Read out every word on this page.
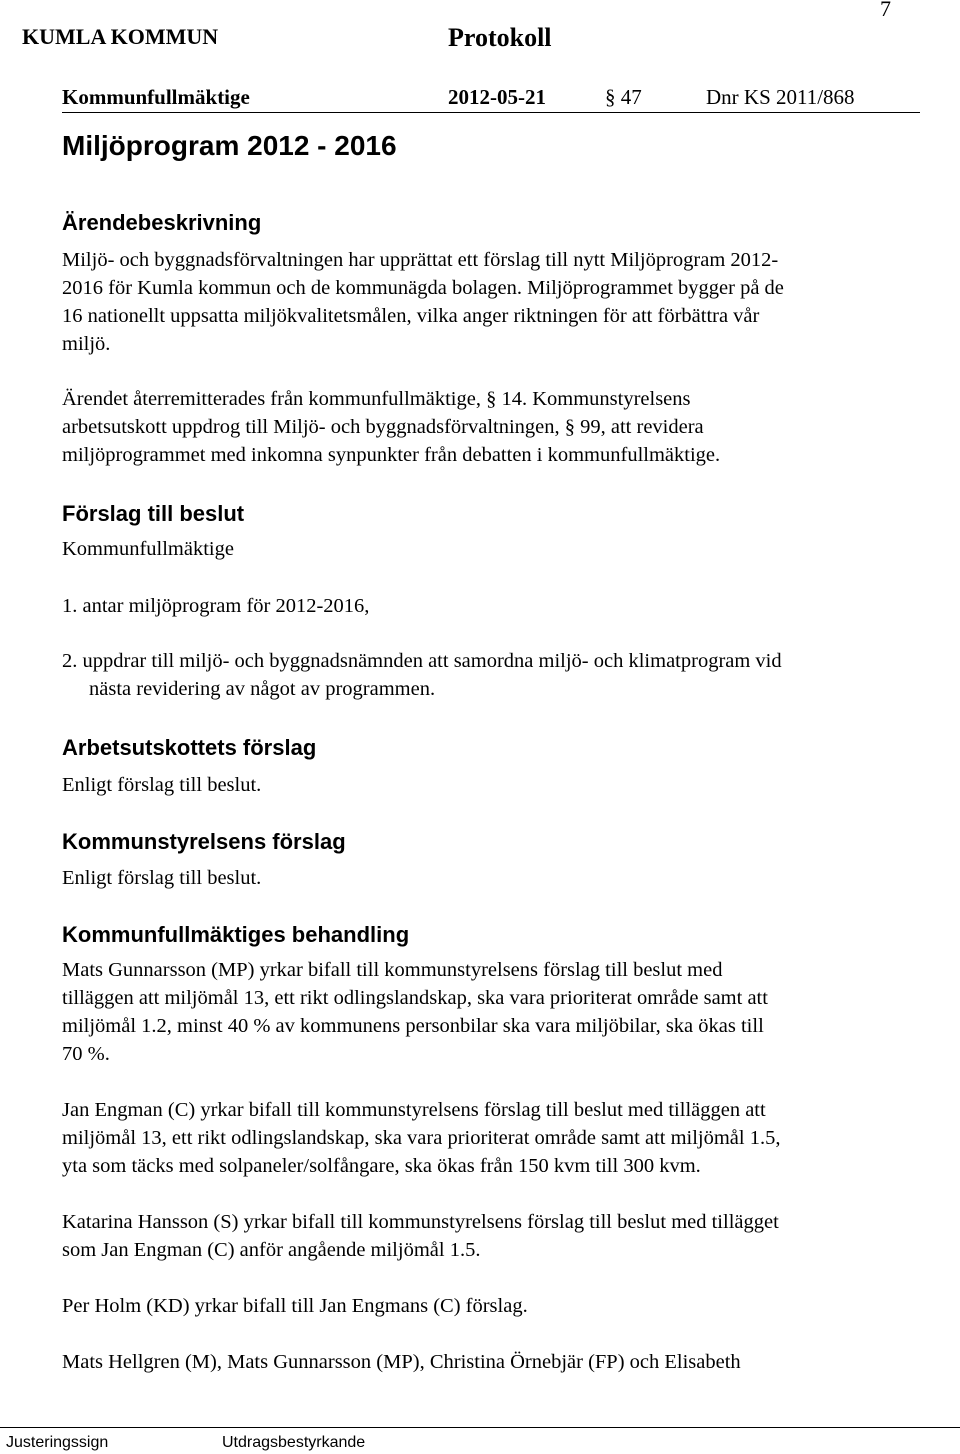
7
KUMLA KOMMUN	Protokoll
Kommunfullmäktige	2012-05-21	§ 47	Dnr KS 2011/868
Miljöprogram 2012 - 2016
Ärendebeskrivning
Miljö- och byggnadsförvaltningen har upprättat ett förslag till nytt Miljöprogram 2012-
2016 för Kumla kommun och de kommunägda bolagen. Miljöprogrammet bygger på de
16 nationellt uppsatta miljökvalitetsmålen, vilka anger riktningen för att förbättra vår
miljö.
Ärendet återremitterades från kommunfullmäktige, § 14. Kommunstyrelsens
arbetsutskott uppdrog till Miljö- och byggnadsförvaltningen, § 99, att revidera
miljöprogrammet med inkomna synpunkter från debatten i kommunfullmäktige.
Förslag till beslut
Kommunfullmäktige
1. antar miljöprogram för 2012-2016,
2. uppdrar till miljö- och byggnadsnämnden att samordna miljö- och klimatprogram vid
nästa revidering av något av programmen.
Arbetsutskottets förslag
Enligt förslag till beslut.
Kommunstyrelsens förslag
Enligt förslag till beslut.
Kommunfullmäktiges behandling
Mats Gunnarsson (MP) yrkar bifall till kommunstyrelsens förslag till beslut med
tilläggen att miljömål 13, ett rikt odlingslandskap, ska vara prioriterat område samt att
miljömål 1.2, minst 40 % av kommunens personbilar ska vara miljöbilar, ska ökas till
70 %.
Jan Engman (C) yrkar bifall till kommunstyrelsens förslag till beslut med tilläggen att
miljömål 13, ett rikt odlingslandskap, ska vara prioriterat område samt att miljömål 1.5,
yta som täcks med solpaneler/solfångare, ska ökas från 150 kvm till 300 kvm.
Katarina Hansson (S) yrkar bifall till kommunstyrelsens förslag till beslut med tillägget
som Jan Engman (C) anför angående miljömål 1.5.
Per Holm (KD) yrkar bifall till Jan Engmans (C) förslag.
Mats Hellgren (M), Mats Gunnarsson (MP), Christina Örnebjär (FP) och Elisabeth
Justeringssign	Utdragsbestyrkande
